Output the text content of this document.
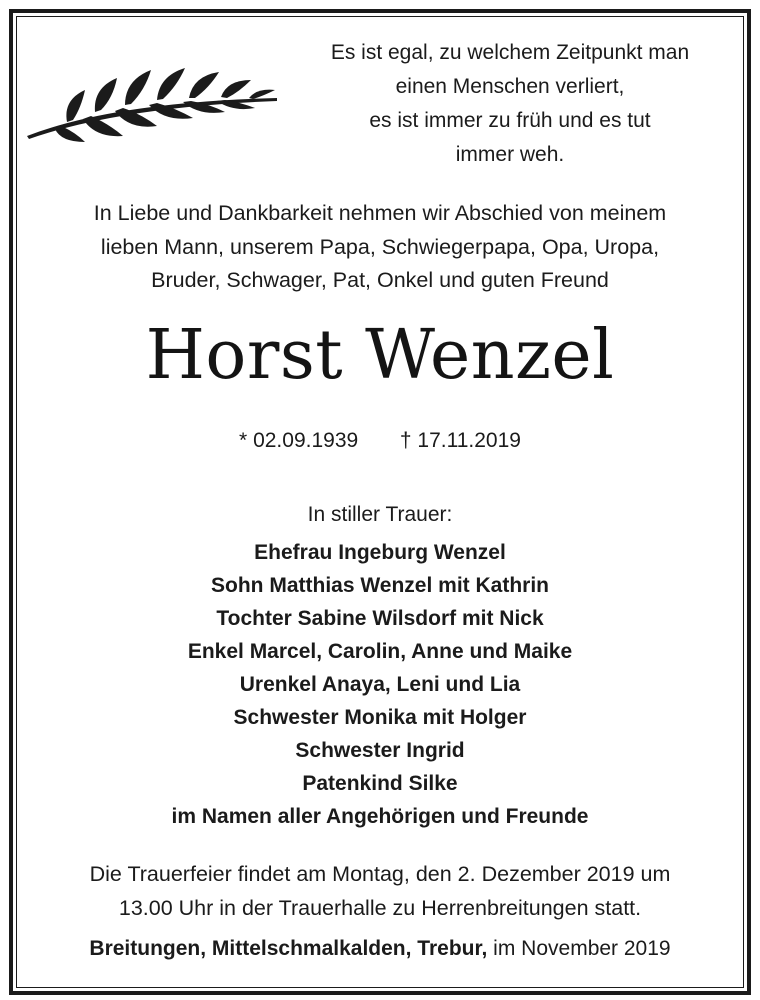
Es ist egal, zu welchem Zeitpunkt man
einen Menschen verliert,
es ist immer zu früh und es tut
immer weh.
In Liebe und Dankbarkeit nehmen wir Abschied von meinem
lieben Mann, unserem Papa, Schwiegerpapa, Opa, Uropa,
Bruder, Schwager, Pat, Onkel und guten Freund
Horst Wenzel
* 02.09.1939 † 17.11.2019
In stiller Trauer:
Ehefrau Ingeburg Wenzel
Sohn Matthias Wenzel mit Kathrin
Tochter Sabine Wilsdorf mit Nick
Enkel Marcel, Carolin, Anne und Maike
Urenkel Anaya, Leni und Lia
Schwester Monika mit Holger
Schwester Ingrid
Patenkind Silke
im Namen aller Angehörigen und Freunde
Die Trauerfeier findet am Montag, den 2. Dezember 2019 um
13.00 Uhr in der Trauerhalle zu Herrenbreitungen statt.
Breitungen, Mittelschmalkalden, Trebur, im November 2019
